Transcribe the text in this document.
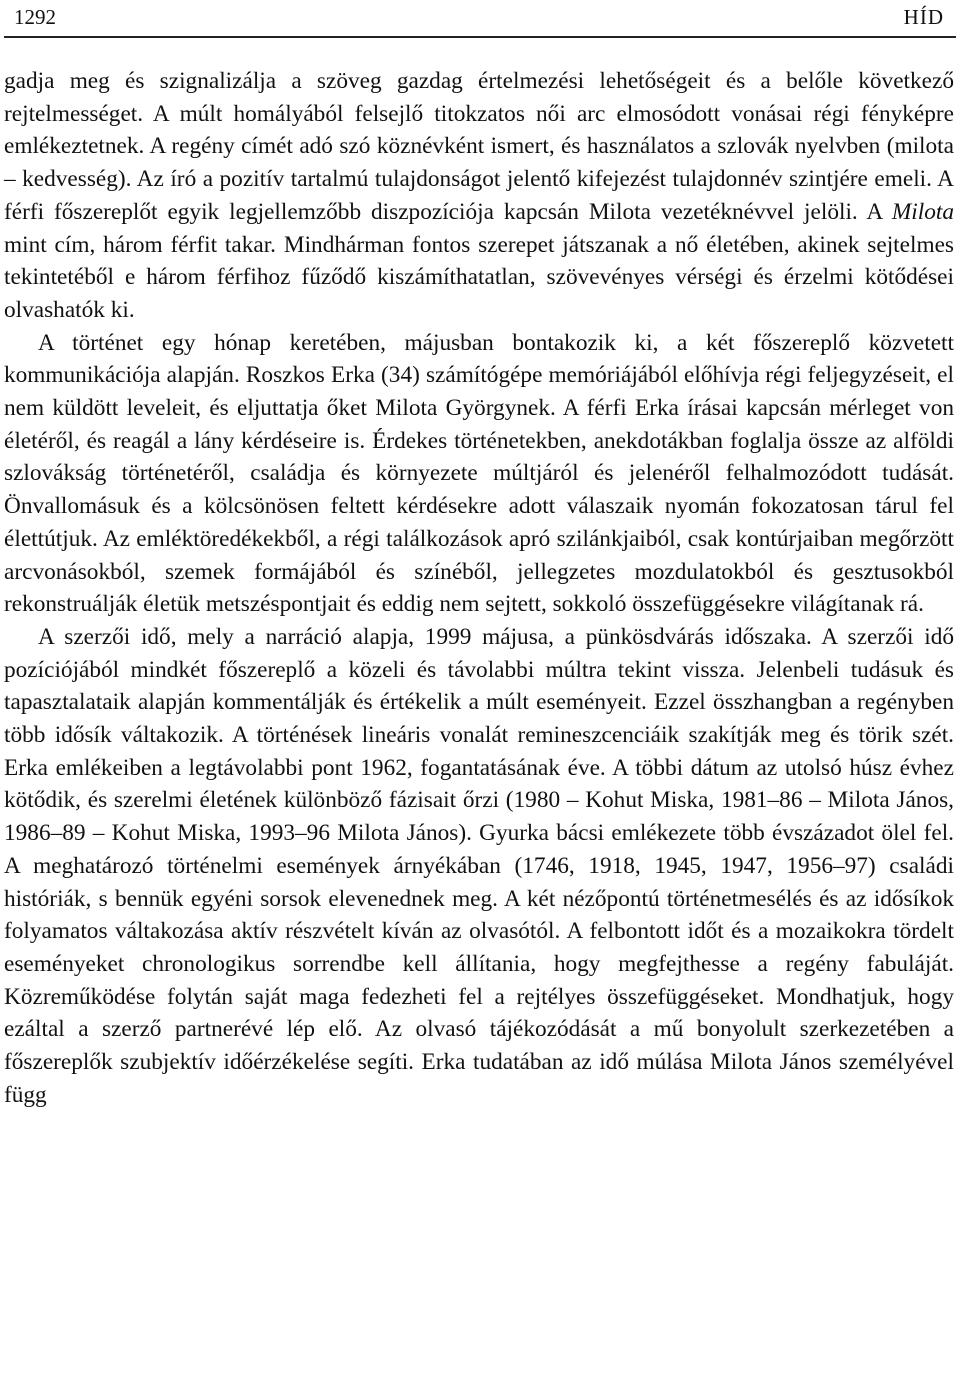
1292	HÍD

gadja meg és szignalizálja a szöveg gazdag értelmezési lehetőségeit és a belőle következő rejtelmességet. A múlt homályából felsejlő titokzatos női arc elmosódott vonásai régi fényképre emlékeztetnek. A regény címét adó szó köznévként ismert, és használatos a szlovák nyelvben (milota – kedvesség). Az író a pozitív tartalmú tulajdonságot jelentő kifejezést tulajdonnév szintjére emeli. A férfi főszereplőt egyik legjellemzőbb diszpozíciója kapcsán Milota vezetéknévvel jelöli. A Milota mint cím, három férfit takar. Mindhárman fontos szerepet játszanak a nő életében, akinek sejtelmes tekintetéből e három férfihoz fűződő kiszámíthatatlan, szövevényes vérségi és érzelmi kötődései olvashatók ki.

A történet egy hónap keretében, májusban bontakozik ki, a két főszereplő közvetett kommunikációja alapján. Roszkos Erka (34) számítógépe memóriájából előhívja régi feljegyzéseit, el nem küldött leveleit, és eljuttatja őket Milota Györgynek. A férfi Erka írásai kapcsán mérleget von életéről, és reagál a lány kérdéseire is. Érdekes történetekben, anekdotákban foglalja össze az alföldi szlovákság történetéről, családja és környezete múltjáról és jelenéről felhalmozódott tudását. Önvallomásuk és a kölcsönösen feltett kérdésekre adott válaszaik nyomán fokozatosan tárul fel élettútjuk. Az emléktöredékekből, a régi találkozások apró szilánkjaiból, csak kontúrjaiban megőrzött arcvonásokból, szemek formájából és színéből, jellegzetes mozdulatokból és gesztusokból rekonstruálják életük metszéspontjait és eddig nem sejtett, sokkoló összefüggésekre világítanak rá.

A szerzői idő, mely a narráció alapja, 1999 májusa, a pünkösdvárás időszaka. A szerzői idő pozíciójából mindkét főszereplő a közeli és távolabbi múltra tekint vissza. Jelenbeli tudásuk és tapasztalataik alapján kommentálják és értékelik a múlt eseményeit. Ezzel összhangban a regényben több idősík váltakozik. A történések lineáris vonalát remineszcenciáik szakítják meg és törik szét. Erka emlékeiben a legtávolabbi pont 1962, fogantatásának éve. A többi dátum az utolsó húsz évhez kötődik, és szerelmi életének különböző fázisait őrzi (1980 – Kohut Miska, 1981–86 – Milota János, 1986–89 – Kohut Miska, 1993–96 Milota János). Gyurka bácsi emlékezete több évszázadot ölel fel. A meghatározó történelmi események árnyékában (1746, 1918, 1945, 1947, 1956–97) családi históriák, s bennük egyéni sorsok elevenednek meg. A két nézőpontú történetmesélés és az idősíkok folyamatos váltakozása aktív részvételt kíván az olvasótól. A felbontott időt és a mozaikokra tördelt eseményeket chronologikus sorrendbe kell állítania, hogy megfejthesse a regény fabuláját. Közreműködése folytán saját maga fedezheti fel a rejtélyes összefüggéseket. Mondhatjuk, hogy ezáltal a szerző partnerévé lép elő. Az olvasó tájékozódását a mű bonyolult szerkezetében a főszereplők szubjektív időérzékelése segíti. Erka tudatában az idő múlása Milota János személyével függ
